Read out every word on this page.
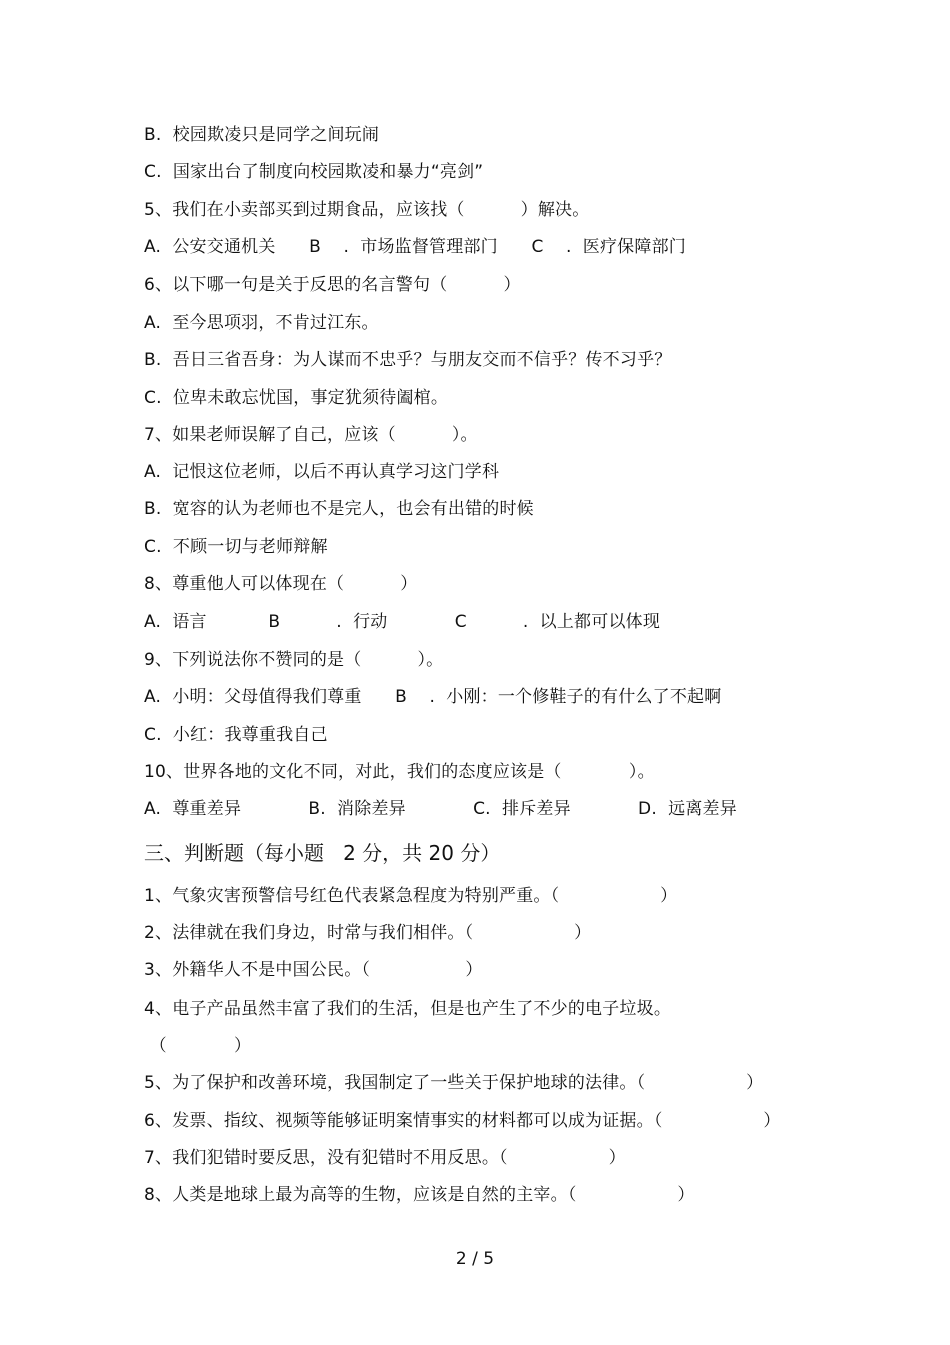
B.  校园欺凌只是同学之间玩闹
C.  国家出台了制度向校园欺凌和暴力“亮剑”
5、我们在小卖部买到过期食品，应该找（          ）解决。
A.  公安交通机关      B    .  市场监督管理部门      C    .  医疗保障部门
6、以下哪一句是关于反思的名言警句（          ）
A.  至今思项羽，不肯过江东。
B.  吾日三省吾身：为人谋而不忠乎？与朋友交而不信乎？传不习乎？
C.  位卑未敢忘忧国，事定犹须待阖棺。
7、如果老师误解了自己，应该（          ）。
A.  记恨这位老师，以后不再认真学习这门学科
B.  宽容的认为老师也不是完人，也会有出错的时候
C.  不顾一切与老师辩解
8、尊重他人可以体现在（          ）
A.  语言           B          .  行动            C          .  以上都可以体现
9、下列说法你不赞同的是（          ）。
A.  小明：父母值得我们尊重      B    .  小刚：一个修鞋子的有什么了不起啊
C.  小红：我尊重我自己
10、世界各地的文化不同，对此，我们的态度应该是（            ）。
A.  尊重差异            B.  消除差异            C.  排斥差异            D.  远离差异
三、判断题（每小题   2 分，共 20 分）
1、气象灾害预警信号红色代表紧急程度为特别严重。（                  ）
2、法律就在我们身边，时常与我们相伴。（                  ）
3、外籍华人不是中国公民。（                 ）
4、电子产品虽然丰富了我们的生活，但是也产生了不少的电子垃圾。
（            ）
5、为了保护和改善环境，我国制定了一些关于保护地球的法律。（                  ）
6、发票、指纹、视频等能够证明案情事实的材料都可以成为证据。（                  ）
7、我们犯错时要反思，没有犯错时不用反思。（                  ）
8、人类是地球上最为高等的生物，应该是自然的主宰。（                  ）
2 / 5
